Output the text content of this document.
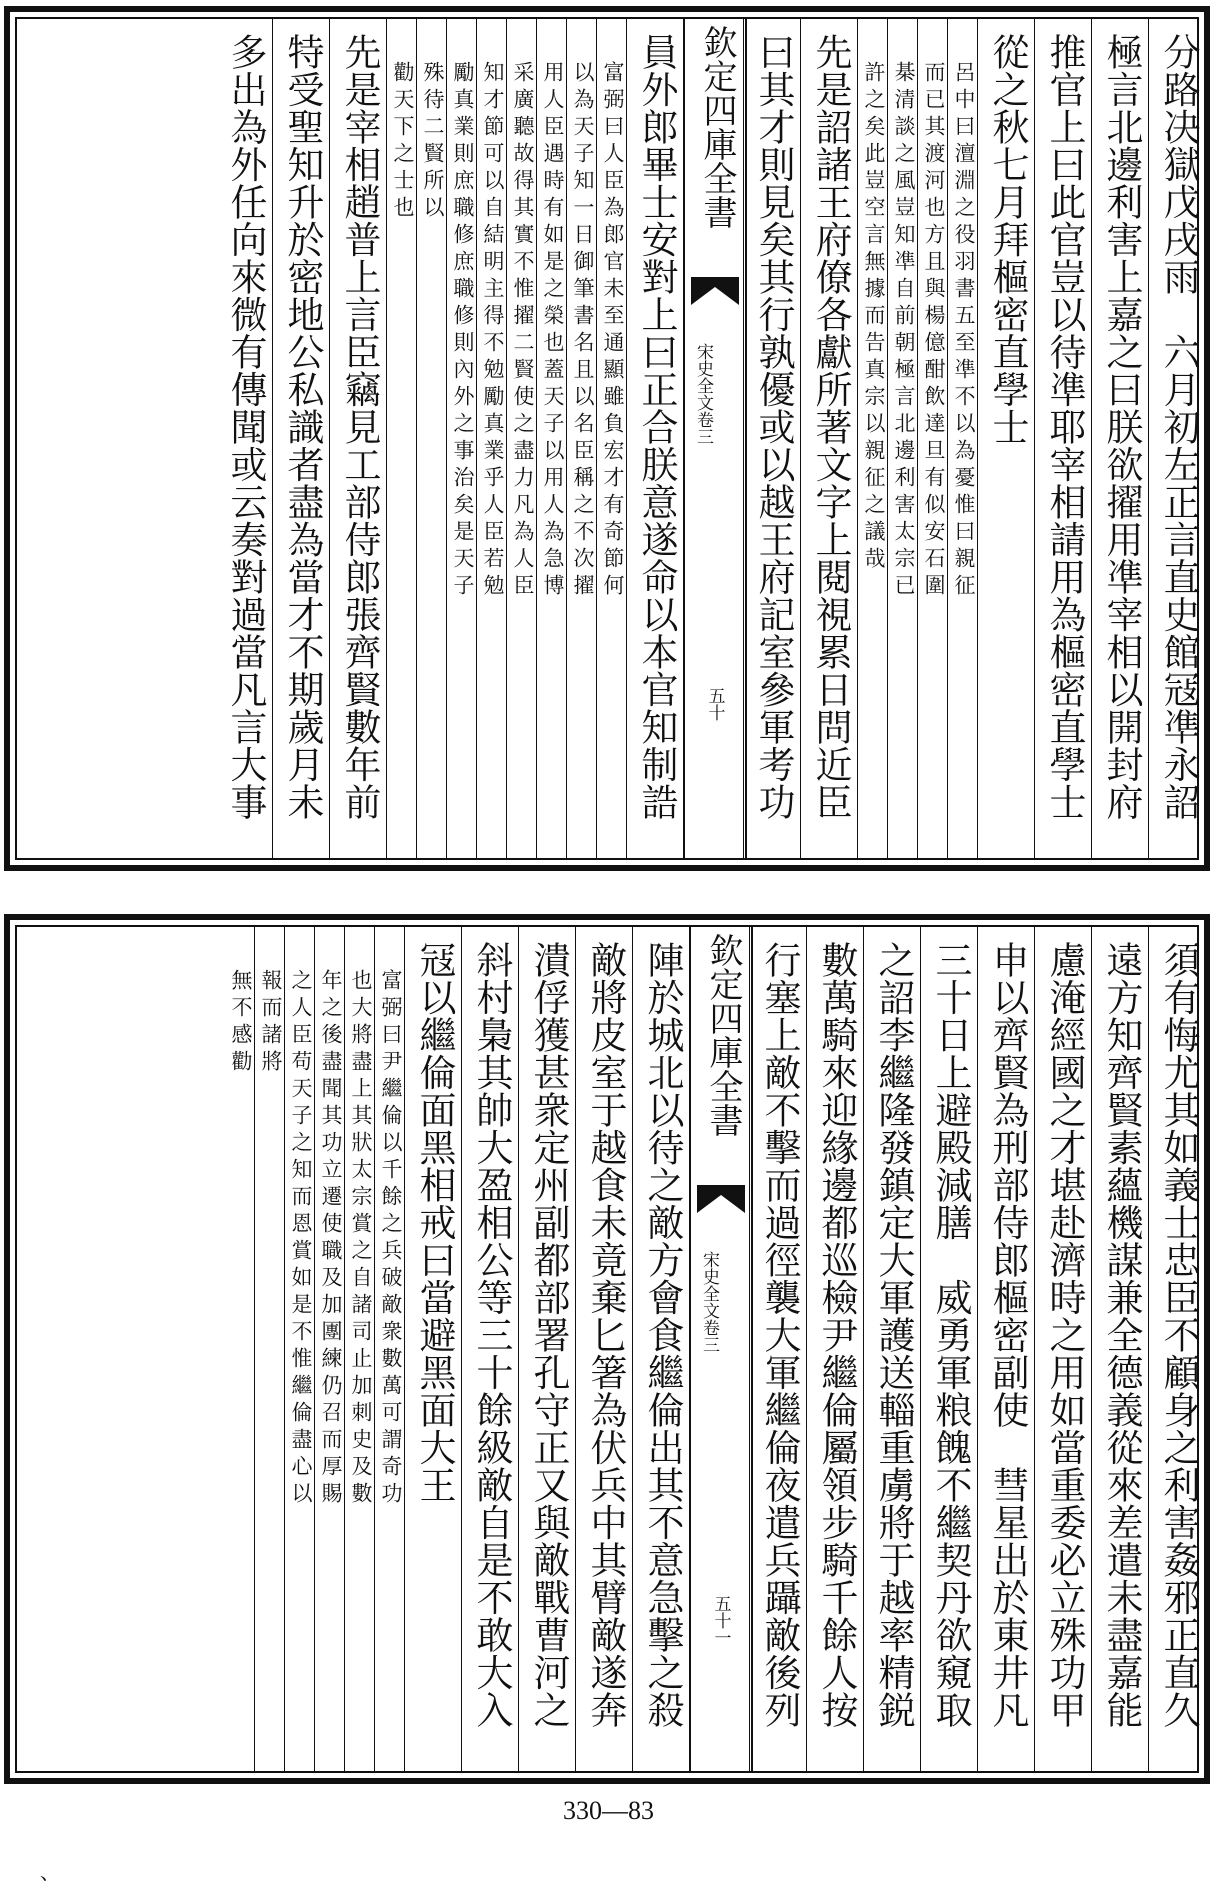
分路决獄戊戌雨　六月初左正言直史館冦凖永詔
極言北邊利害上嘉之曰朕欲擢用凖宰相以開封府
推官上曰此官豈以待凖耶宰相請用為樞密直學士
從之秋七月拜樞密直學士
呂中曰澶淵之役羽書五至凖不以為憂惟曰親征
而已其渡河也方且與楊億酣飲達旦有似安石圍
棊清談之風豈知凖自前朝極言北邊利害太宗已
許之矣此豈空言無據而告真宗以親征之議哉
先是詔諸王府僚各獻所著文字上閱視累日問近臣
曰其才則見矣其行孰優或以越王府記室參軍考功
欽定四庫全書
宋史全文卷三
五十
員外郎畢士安對上曰正合朕意遂命以本官知制誥
富弼曰人臣為郎官未至通顯雖負宏才有奇節何
以為天子知一日御筆書名且以名臣稱之不次擢
用人臣遇時有如是之榮也蓋天子以用人為急博
采廣聽故得其實不惟擢二賢使之盡力凡為人臣
知才節可以自結明主得不勉勵真業乎人臣若勉
勵真業則庶職修庶職修則內外之事治矣是天子
殊待二賢所以
勸天下之士也
先是宰相趙普上言臣竊見工部侍郎張齊賢數年前
特受聖知升於密地公私識者盡為當才不期歲月未
多出為外任向來微有傳聞或云奏對過當凡言大事
須有悔尤其如義士忠臣不顧身之利害姦邪正直久
遠方知齊賢素蘊機謀兼全德義從來差遣未盡嘉能
慮淹經國之才堪赴濟時之用如當重委必立殊功甲
申以齊賢為刑部侍郎樞密副使　彗星出於東井凡
三十日上避殿減膳　威勇軍粮餽不繼契丹欲窺取
之詔李繼隆發鎮定大軍護送輜重虜將于越率精鋭
數萬騎來迎緣邊都巡檢尹繼倫屬領步騎千餘人按
行塞上敵不擊而過徑襲大軍繼倫夜遣兵躡敵後列
欽定四庫全書
宋史全文卷三
五十一
陣於城北以待之敵方會食繼倫出其不意急擊之殺
敵將皮室于越食未竟棄匕箸為伏兵中其臂敵遂奔
潰俘獲甚衆定州副都部署孔守正又與敵戰曹河之
斜村梟其帥大盈相公等三十餘級敵自是不敢大入
冦以繼倫面黑相戒曰當避黑面大王
富弼曰尹繼倫以千餘之兵破敵衆數萬可謂奇功
也大將盡上其狀太宗賞之自諸司止加刺史及數
年之後盡聞其功立遷使職及加團練仍召而厚賜
之人臣苟天子之知而恩賞如是不惟繼倫盡心以
報而諸將
無不感勸
330—83
、
